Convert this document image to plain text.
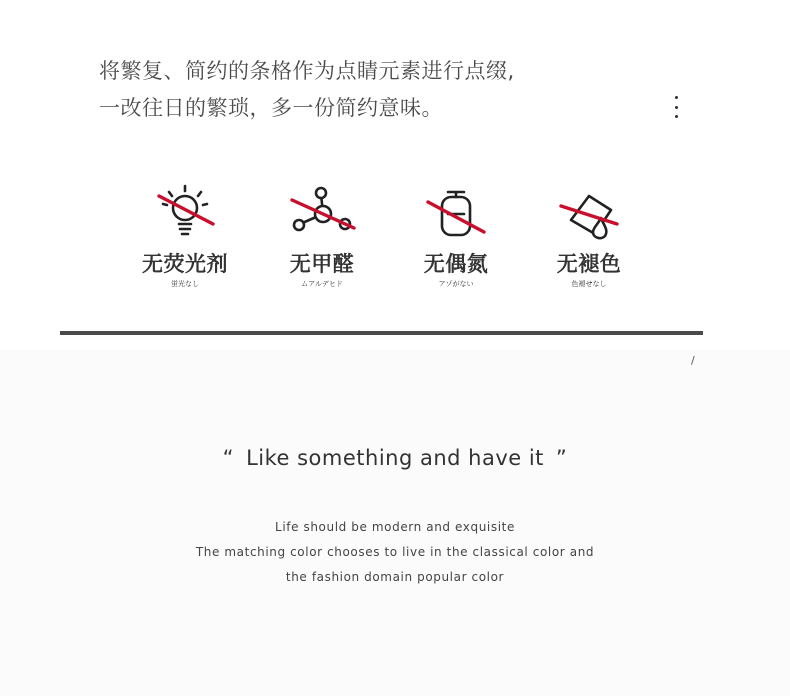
将繁复、简约的条格作为点睛元素进行点缀,
一改往日的繁琐，多一份简约意味。
无荧光剂
蛍光なし
无甲醛
ムアルデヒド
无偶氮
アゾがない
无褪色
色褪せなし
/
“ Like something and have it ”
Life should be modern and exquisite
The matching color chooses to live in the classical color and
the fashion domain popular color
